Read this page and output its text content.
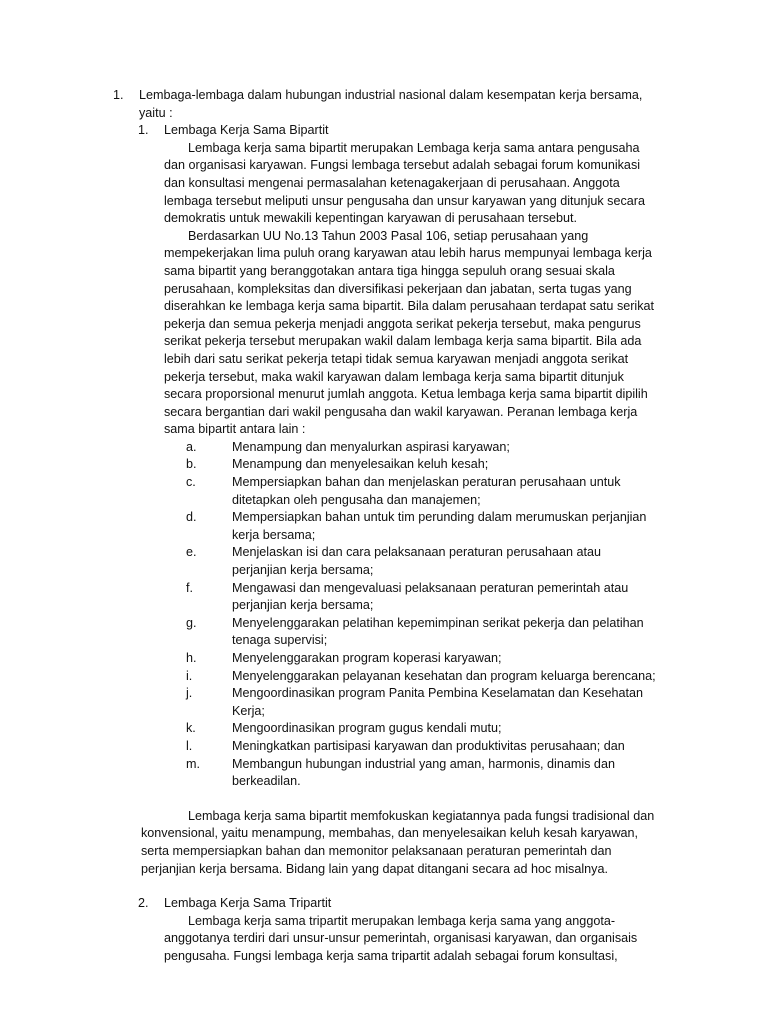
1.	Lembaga-lembaga dalam hubungan industrial nasional dalam kesempatan kerja bersama,
yaitu :
1.	Lembaga Kerja Sama Bipartit

Lembaga kerja sama bipartit merupakan Lembaga kerja sama antara pengusaha dan organisasi karyawan. Fungsi lembaga tersebut adalah sebagai forum komunikasi dan konsultasi mengenai permasalahan ketenagakerjaan di perusahaan. Anggota lembaga tersebut meliputi unsur pengusaha dan unsur karyawan yang ditunjuk secara demokratis untuk mewakili kepentingan karyawan di perusahaan tersebut.

Berdasarkan UU No.13 Tahun 2003 Pasal 106, setiap perusahaan yang mempekerjakan lima puluh orang karyawan atau lebih harus mempunyai lembaga kerja sama bipartit yang beranggotakan antara tiga hingga sepuluh orang sesuai skala perusahaan, kompleksitas dan diversifikasi pekerjaan dan jabatan, serta tugas yang diserahkan ke lembaga kerja sama bipartit. Bila dalam perusahaan terdapat satu serikat pekerja dan semua pekerja menjadi anggota serikat pekerja tersebut, maka pengurus serikat pekerja tersebut merupakan wakil dalam lembaga kerja sama bipartit. Bila ada lebih dari satu serikat pekerja tetapi tidak semua karyawan menjadi anggota serikat pekerja tersebut, maka wakil karyawan dalam lembaga kerja sama bipartit ditunjuk secara proporsional menurut jumlah anggota. Ketua lembaga kerja sama bipartit dipilih secara bergantian dari wakil pengusaha dan wakil karyawan. Peranan lembaga kerja sama bipartit antara lain :

a.	Menampung dan menyalurkan aspirasi karyawan;
b.	Menampung dan menyelesaikan keluh kesah;
c.	Mempersiapkan bahan dan menjelaskan peraturan perusahaan untuk ditetapkan oleh pengusaha dan manajemen;
d.	Mempersiapkan bahan untuk tim perunding dalam merumuskan perjanjian kerja bersama;
e.	Menjelaskan isi dan cara pelaksanaan peraturan perusahaan atau perjanjian kerja bersama;
f.	Mengawasi dan mengevaluasi pelaksanaan peraturan pemerintah atau perjanjian kerja bersama;
g.	Menyelenggarakan pelatihan kepemimpinan serikat pekerja dan pelatihan tenaga supervisi;
h.	Menyelenggarakan program koperasi karyawan;
i.	Menyelenggarakan pelayanan kesehatan dan program keluarga berencana;
j.	Mengoordinasikan program Panita Pembina Keselamatan dan Kesehatan Kerja;
k.	Mengoordinasikan program gugus kendali mutu;
l.	Meningkatkan partisipasi karyawan dan produktivitas perusahaan; dan
m.	Membangun hubungan industrial yang aman, harmonis, dinamis dan berkeadilan.

Lembaga kerja sama bipartit memfokuskan kegiatannya pada fungsi tradisional dan konvensional, yaitu menampung, membahas, dan menyelesaikan keluh kesah karyawan, serta mempersiapkan bahan dan memonitor pelaksanaan peraturan pemerintah dan perjanjian kerja bersama. Bidang lain yang dapat ditangani secara ad hoc misalnya.

2.	Lembaga Kerja Sama Tripartit

Lembaga kerja sama tripartit merupakan lembaga kerja sama yang anggota-anggotanya terdiri dari unsur-unsur pemerintah, organisasi karyawan, dan organisais pengusaha. Fungsi lembaga kerja sama tripartit adalah sebagai forum konsultasi,
